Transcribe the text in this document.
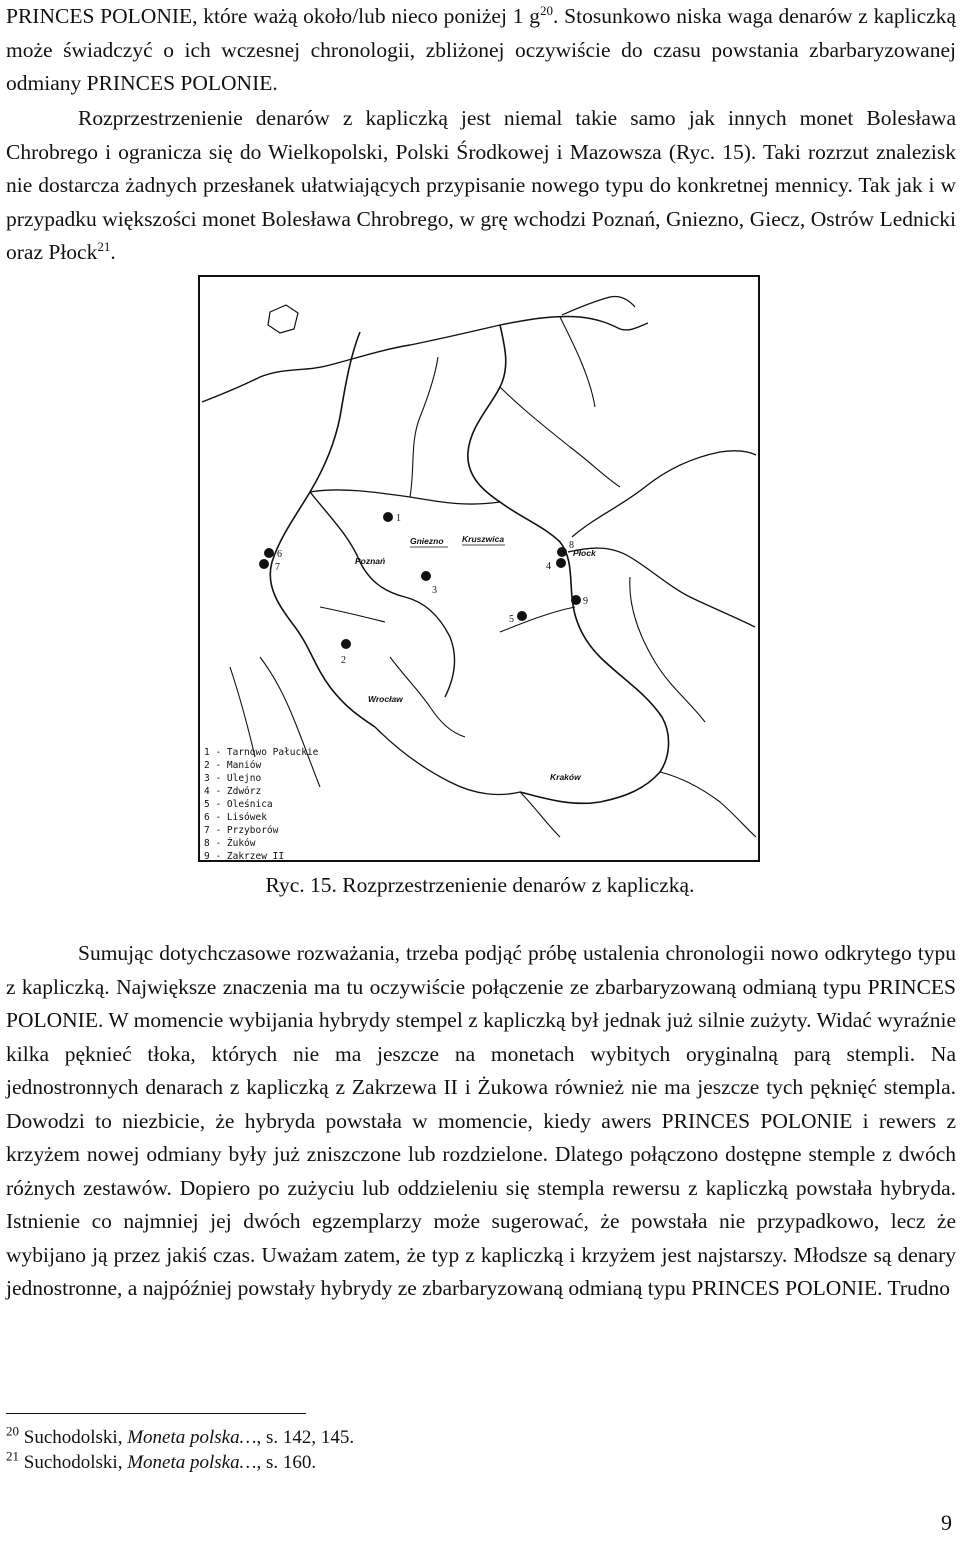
PRINCES POLONIE, które ważą około/lub nieco poniżej 1 $g^{20}$. Stosunkowo niska waga denarów z kapliczką może świadczyć o ich wczesnej chronologii, zbliżonej oczywiście do czasu powstania zbarbaryzowanej odmiany PRINCES POLONIE.

Rozprzestrzenienie denarów z kapliczką jest niemal takie samo jak innych monet Bolesława Chrobrego i ogranicza się do Wielkopolski, Polski Środkowej i Mazowsza (Ryc. 15). Taki rozrzut znalezisk nie dostarcza żadnych przesłanek ułatwiających przypisanie nowego typu do konkretnej mennicy. Tak jak i w przypadku większości monet Bolesława Chrobrego, w grę wchodzi Poznań, Gniezno, Giecz, Ostrów Lednicki oraz Płock$^{21}$.

Gniezno Kruszwica
Poznań
Płock
Wrocław
Kraków
1
2
3
4
5
6
7
8
9
1 - Tarnowo Pałuckie
2 - Maniów
3 - Ulejno
4 - Zdwórz
5 - Oleśnica
6 - Lisówek
7 - Przyborów
8 - Żuków
9 - Zakrzew II
Ryc. 15. Rozprzestrzenienie denarów z kapliczką.

Sumując dotychczasowe rozważania, trzeba podjąć próbę ustalenia chronologii nowo odkrytego typu z kapliczką. Największe znaczenia ma tu oczywiście połączenie ze zbarbaryzowaną odmianą typu PRINCES POLONIE. W momencie wybijania hybrydy stempel z kapliczką był jednak już silnie zużyty. Widać wyraźnie kilka pęknieć tłoka, których nie ma jeszcze na monetach wybitych oryginalną parą stempli. Na jednostronnych denarach z kapliczką z Zakrzewa II i Żukowa również nie ma jeszcze tych pęknięć stempla. Dowodzi to niezbicie, że hybryda powstała w momencie, kiedy awers PRINCES POLONIE i rewers z krzyżem nowej odmiany były już zniszczone lub rozdzielone. Dlatego połączono dostępne stemple z dwóch różnych zestawów. Dopiero po zużyciu lub oddzieleniu się stempla rewersu z kapliczką powstała hybryda. Istnienie co najmniej jej dwóch egzemplarzy może sugerować, że powstała nie przypadkowo, lecz że wybijano ją przez jakiś czas. Uważam zatem, że typ z kapliczką i krzyżem jest najstarszy. Młodsze są denary jednostronne, a najpóźniej powstały hybrydy ze zbarbaryzowaną odmianą typu PRINCES POLONIE. Trudno

$^{20}$ Suchodolski, Moneta polska…, s. 142, 145.
$^{21}$ Suchodolski, Moneta polska…, s. 160.
9
